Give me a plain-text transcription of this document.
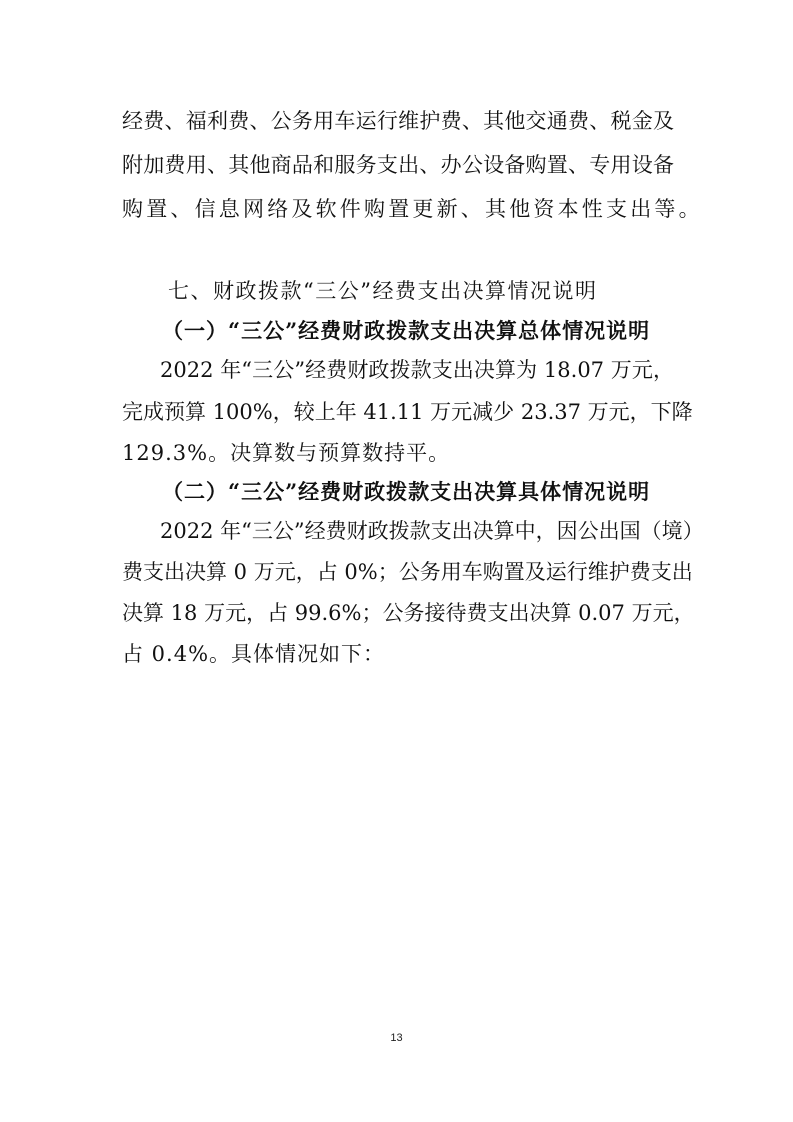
经费、福利费、公务用车运行维护费、其他交通费、税金及
附加费用、其他商品和服务支出、办公设备购置、专用设备
购置、信息网络及软件购置更新、其他资本性支出等。
七、财政拨款“三公”经费支出决算情况说明
（一）“三公”经费财政拨款支出决算总体情况说明
2022 年“三公”经费财政拨款支出决算为 18.07 万元，
完成预算 100%，较上年 41.11 万元减少 23.37 万元，下降
129.3%。决算数与预算数持平。
（二）“三公”经费财政拨款支出决算具体情况说明
2022 年“三公”经费财政拨款支出决算中，因公出国（境）
费支出决算 0 万元，占 0%；公务用车购置及运行维护费支出
决算 18 万元，占 99.6%；公务接待费支出决算 0.07 万元，
占 0.4%。具体情况如下：
13
